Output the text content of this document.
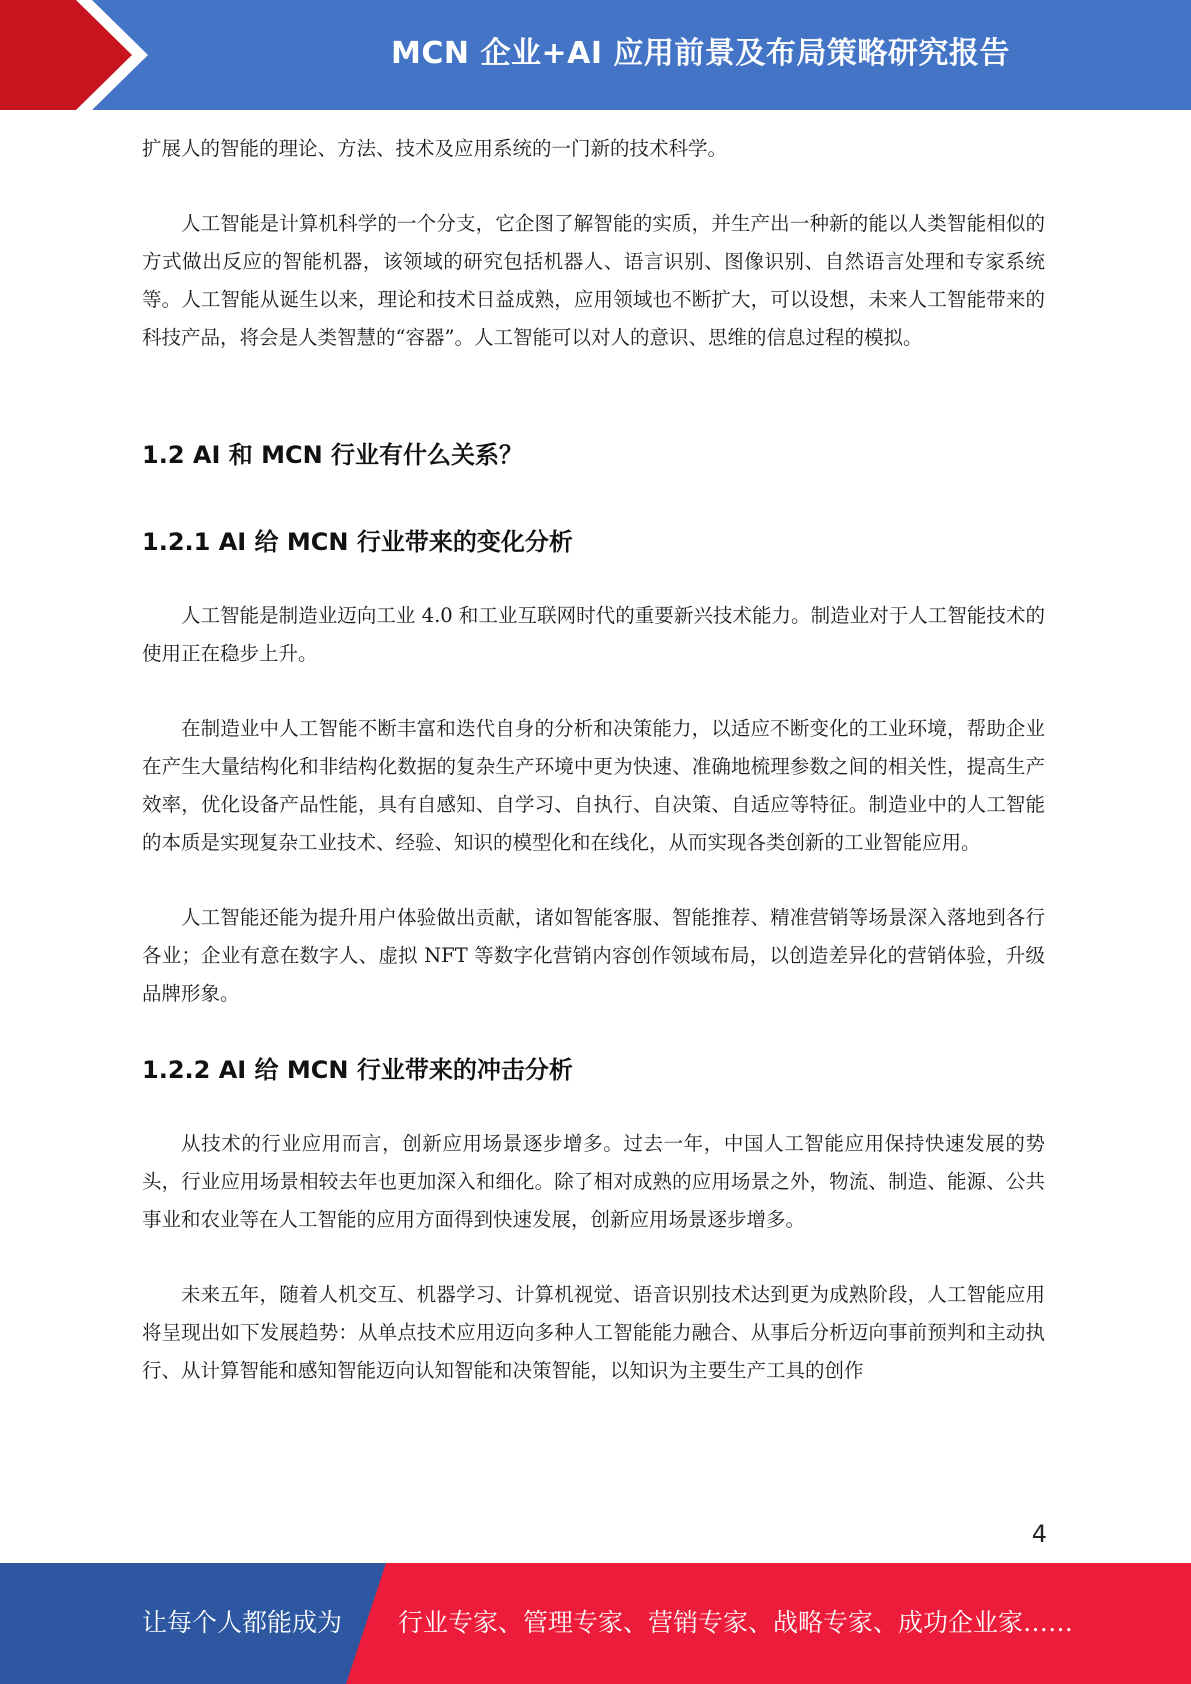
MCN 企业+AI 应用前景及布局策略研究报告

扩展人的智能的理论、方法、技术及应用系统的一门新的技术科学。

人工智能是计算机科学的一个分支，它企图了解智能的实质，并生产出一种新的能以人类智能相似的方式做出反应的智能机器，该领域的研究包括机器人、语言识别、图像识别、自然语言处理和专家系统等。人工智能从诞生以来，理论和技术日益成熟，应用领域也不断扩大，可以设想，未来人工智能带来的科技产品，将会是人类智慧的“容器”。人工智能可以对人的意识、思维的信息过程的模拟。

1.2 AI 和 MCN 行业有什么关系？
1.2.1 AI 给 MCN 行业带来的变化分析

人工智能是制造业迈向工业 4.0 和工业互联网时代的重要新兴技术能力。制造业对于人工智能技术的使用正在稳步上升。

在制造业中人工智能不断丰富和迭代自身的分析和决策能力，以适应不断变化的工业环境，帮助企业在产生大量结构化和非结构化数据的复杂生产环境中更为快速、准确地梳理参数之间的相关性，提高生产效率，优化设备产品性能，具有自感知、自学习、自执行、自决策、自适应等特征。制造业中的人工智能的本质是实现复杂工业技术、经验、知识的模型化和在线化，从而实现各类创新的工业智能应用。

人工智能还能为提升用户体验做出贡献，诸如智能客服、智能推荐、精准营销等场景深入落地到各行各业；企业有意在数字人、虚拟 NFT 等数字化营销内容创作领域布局，以创造差异化的营销体验，升级品牌形象。

1.2.2 AI 给 MCN 行业带来的冲击分析

从技术的行业应用而言，创新应用场景逐步增多。过去一年，中国人工智能应用保持快速发展的势头，行业应用场景相较去年也更加深入和细化。除了相对成熟的应用场景之外，物流、制造、能源、公共事业和农业等在人工智能的应用方面得到快速发展，创新应用场景逐步增多。

未来五年，随着人机交互、机器学习、计算机视觉、语音识别技术达到更为成熟阶段，人工智能应用将呈现出如下发展趋势：从单点技术应用迈向多种人工智能能力融合、从事后分析迈向事前预判和主动执行、从计算智能和感知智能迈向认知智能和决策智能，以知识为主要生产工具的创作

4
让每个人都能成为 行业专家、管理专家、营销专家、战略专家、成功企业家……
